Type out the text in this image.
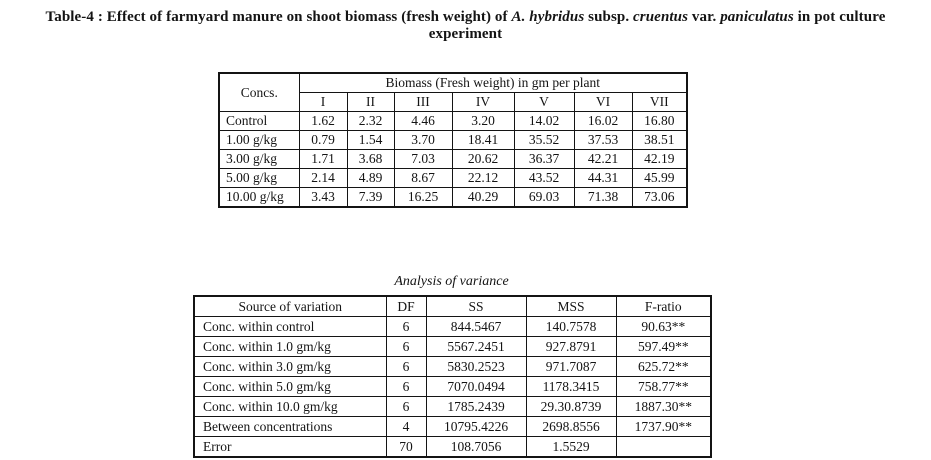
Table-4 : Effect of farmyard manure on shoot biomass (fresh weight) of A. hybridus subsp. cruentus var. paniculatus in pot culture
experiment
Concs.	Biomass (Fresh weight) in gm per plant						
	I	II	III	IV	V	VI	VII
Control	1.62	2.32	4.46	3.20	14.02	16.02	16.80
1.00 g/kg	0.79	1.54	3.70	18.41	35.52	37.53	38.51
3.00 g/kg	1.71	3.68	7.03	20.62	36.37	42.21	42.19
5.00 g/kg	2.14	4.89	8.67	22.12	43.52	44.31	45.99
10.00 g/kg	3.43	7.39	16.25	40.29	69.03	71.38	73.06
Analysis of variance
Source of variation	DF	SS	MSS	F-ratio
Conc. within control	6	844.5467	140.7578	90.63**
Conc. within 1.0 gm/kg	6	5567.2451	927.8791	597.49**
Conc. within 3.0 gm/kg	6	5830.2523	971.7087	625.72**
Conc. within 5.0 gm/kg	6	7070.0494	1178.3415	758.77**
Conc. within 10.0 gm/kg	6	1785.2439	29.30.8739	1887.30**
Between concentrations	4	10795.4226	2698.8556	1737.90**
Error	70	108.7056	1.5529	
